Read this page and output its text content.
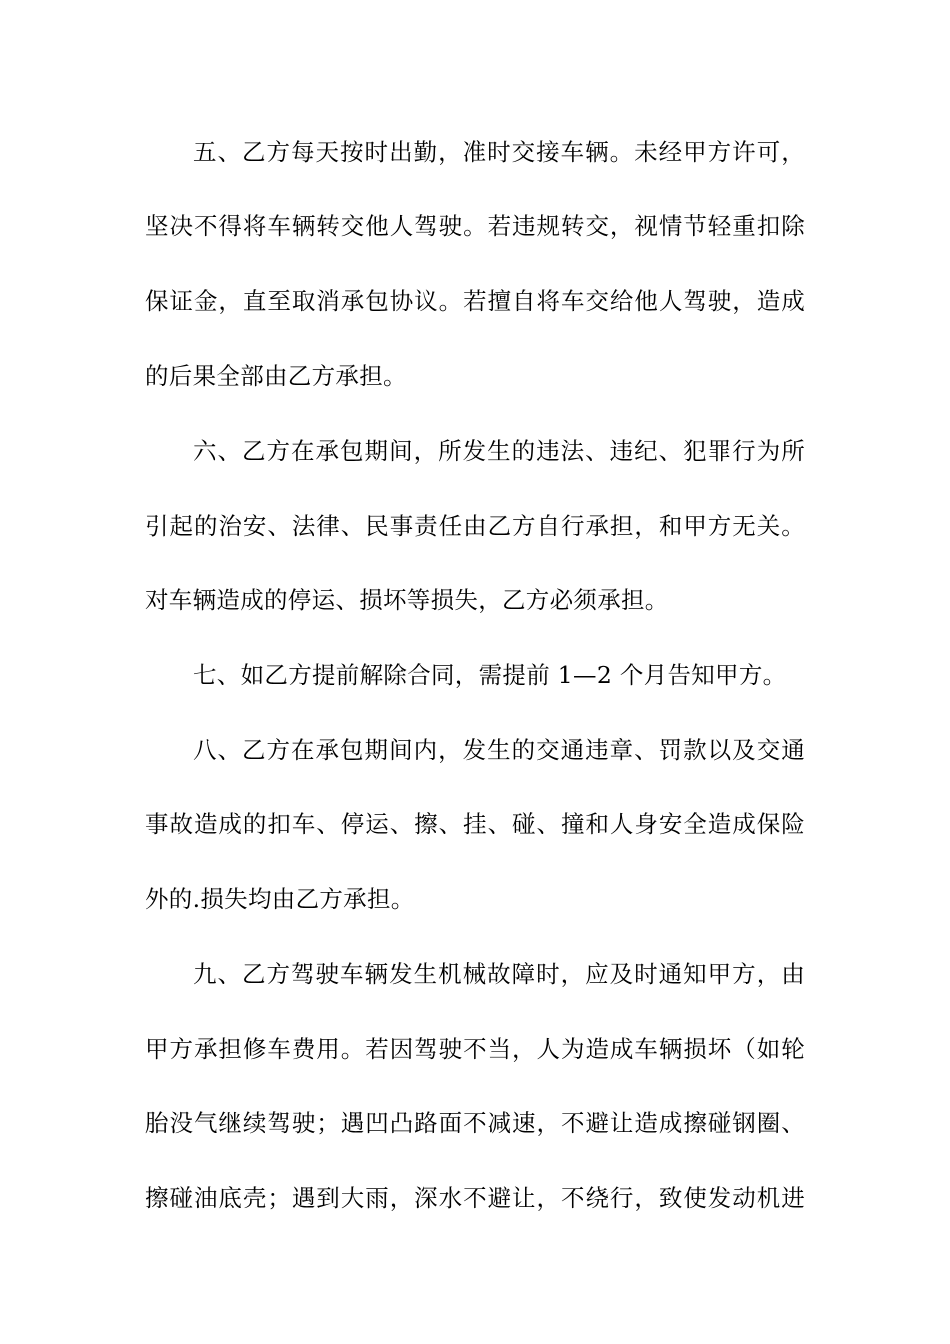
五、乙方每天按时出勤，准时交接车辆。未经甲方许可，
坚决不得将车辆转交他人驾驶。若违规转交，视情节轻重扣除
保证金，直至取消承包协议。若擅自将车交给他人驾驶，造成
的后果全部由乙方承担。
六、乙方在承包期间，所发生的违法、违纪、犯罪行为所
引起的治安、法律、民事责任由乙方自行承担，和甲方无关。
对车辆造成的停运、损坏等损失，乙方必须承担。
七、如乙方提前解除合同，需提前 1—2 个月告知甲方。
八、乙方在承包期间内，发生的交通违章、罚款以及交通
事故造成的扣车、停运、擦、挂、碰、撞和人身安全造成保险
外的.损失均由乙方承担。
九、乙方驾驶车辆发生机械故障时，应及时通知甲方，由
甲方承担修车费用。若因驾驶不当，人为造成车辆损坏（如轮
胎没气继续驾驶；遇凹凸路面不减速，不避让造成擦碰钢圈、
擦碰油底壳；遇到大雨，深水不避让，不绕行，致使发动机进
